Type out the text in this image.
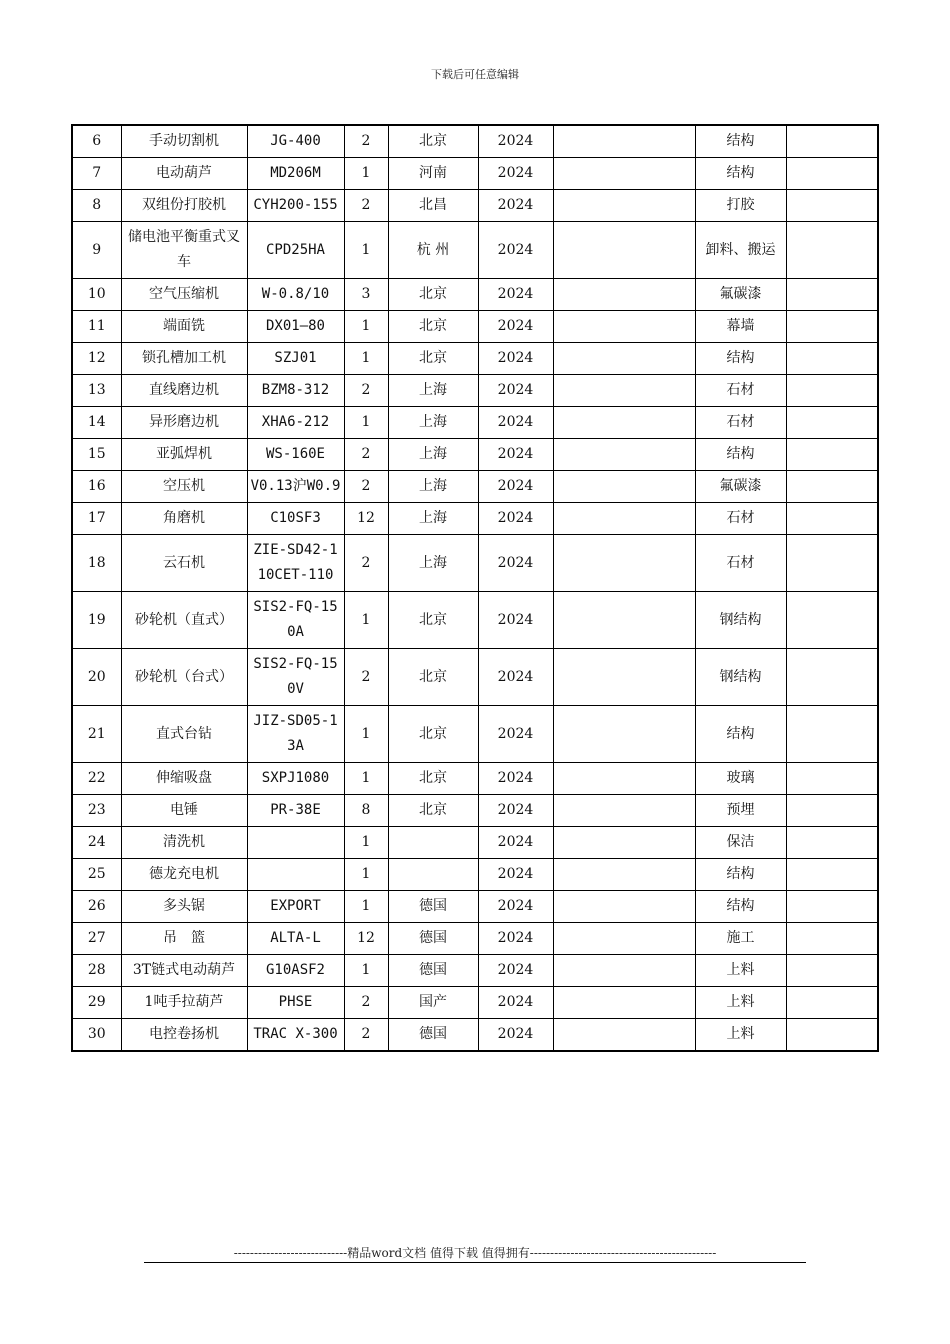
下载后可任意编辑
6	手动切割机	JG-400	2	北京	2024		结构	
7	电动葫芦	MD206M	1	河南	2024		结构	
8	双组份打胶机	CYH200-155	2	北昌	2024		打胶	
9	储电池平衡重式叉车	CPD25HA	1	杭 州	2024		卸料、搬运	
10	空气压缩机	W-0.8/10	3	北京	2024		氟碳漆	
11	端面铣	DX01—80	1	北京	2024		幕墙	
12	锁孔槽加工机	SZJ01	1	北京	2024		结构	
13	直线磨边机	BZM8-312	2	上海	2024		石材	
14	异形磨边机	XHA6-212	1	上海	2024		石材	
15	亚弧焊机	WS-160E	2	上海	2024		结构	
16	空压机	V0.13沪W0.9	2	上海	2024		氟碳漆	
17	角磨机	C10SF3	12	上海	2024		石材	
18	云石机	ZIE-SD42-110CET-110	2	上海	2024		石材	
19	砂轮机（直式）	SIS2-FQ-150A	1	北京	2024		钢结构	
20	砂轮机（台式）	SIS2-FQ-150V	2	北京	2024		钢结构	
21	直式台钻	JIZ-SD05-13A	1	北京	2024		结构	
22	伸缩吸盘	SXPJ1080	1	北京	2024		玻璃	
23	电锤	PR-38E	8	北京	2024		预埋	
24	清洗机		1		2024		保洁	
25	德龙充电机		1		2024		结构	
26	多头锯	EXPORT	1	德国	2024		结构	
27	吊　篮	ALTA-L	12	德国	2024		施工	
28	3T链式电动葫芦	G10ASF2	1	德国	2024		上料	
29	1吨手拉葫芦	PHSE	2	国产	2024		上料	
30	电控卷扬机	TRAC X-300	2	德国	2024		上料	
----------------------------精品word文档 值得下载 值得拥有----------------------------------------------
